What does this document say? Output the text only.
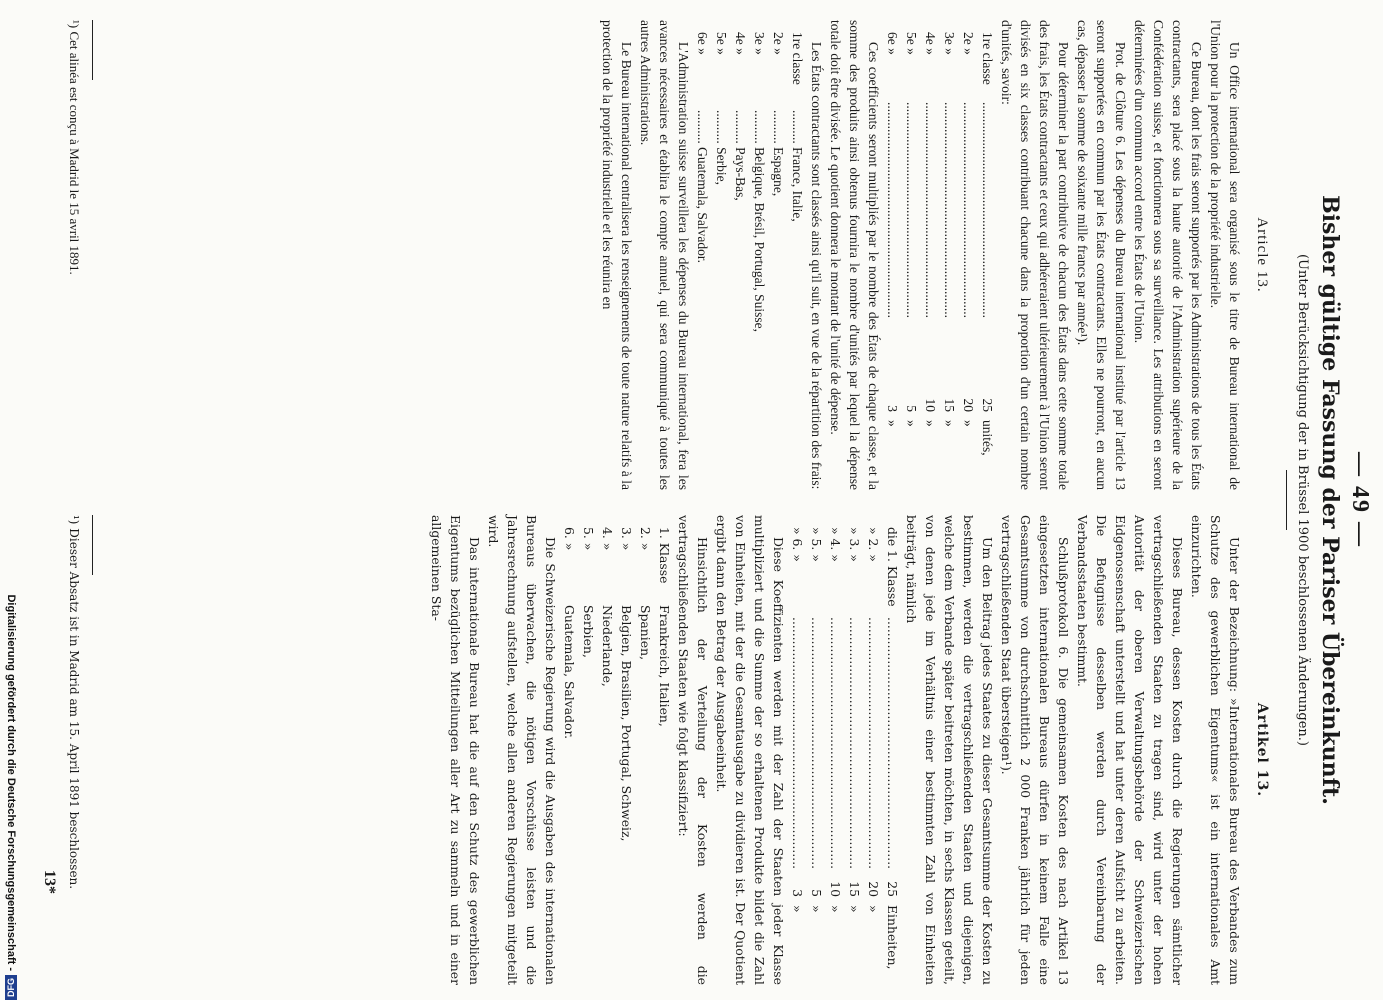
— 49 —
Bisher gültige Fassung der Pariser Übereinkunft.
(Unter Berücksichtigung der in Brüssel 1900 beschlossenen Änderungen.)
Article 13.

Un Office international sera organisé sous le titre de Bureau international de l'Union pour la protection de la propriété industrielle.

Ce Bureau, dont les frais seront supportés par les Administrations de tous les États contractants, sera placé sous la haute autorité de l'Administration supérieure de la Confédération suisse, et fonctionnera sous sa surveillance. Les attributions en seront déterminées d'un commun accord entre les États de l'Union.

Prot. de Clôture 6. Les dépenses du Bureau international institué par l'article 13 seront supportées en commun par les États contractants. Elles ne pourront, en aucun cas, dépasser la somme de soixante mille francs par année¹).

Pour déterminer la part contributive de chacun des États dans cette somme totale des frais, les États contractants et ceux qui adhéreraient ultérieurement à l'Union seront divisés en six classes contribuant chacune dans la proportion d'un certain nombre d'unités, savoir:

1re classe
................................................................
25
unités,
2e »
................................................................
20
»
3e »
................................................................
15
»
4e »
................................................................
10
»
5e »
................................................................
5
»
6e »
................................................................
3
»

Ces coefficients seront multipliés par le nombre des États de chaque classe, et la somme des produits ainsi obtenus fournira le nombre d'unités par lequel la dépense totale doit être divisée. Le quotient donnera le montant de l'unité de dépense.

Les États contractants sont classés ainsi qu'il suit, en vue de la répartition des frais:

1re classe.......... France, Italie,
2e ».......... Espagne,
3e ».......... Belgique, Brésil, Portugal, Suisse,
4e ».......... Pays-Bas,
5e ».......... Serbie,
6e ».......... Guatemala, Salvador.

L'Administration suisse surveillera les dépenses du Bureau international, fera les avances nécessaires et établira le compte annuel, qui sera communiqué à toutes les autres Administrations.

Le Bureau international centralisera les renseignements de toute nature relatifs à la protection de la propriété industrielle et les réunira en

Artikel 13.

Unter der Bezeichnung: »Internationales Bureau des Verbandes zum Schutze des gewerblichen Eigentums« ist ein internationales Amt einzurichten.

Dieses Bureau, dessen Kosten durch die Regierungen sämtlicher vertragschließenden Staaten zu tragen sind, wird unter der hohen Autorität der oberen Verwaltungsbehörde der Schweizerischen Eidgenossenschaft unterstellt und hat unter deren Aufsicht zu arbeiten. Die Befugnisse desselben werden durch Vereinbarung der Verbandsstaaten bestimmt.

Schlußprotokoll 6. Die gemeinsamen Kosten des nach Artikel 13 eingesetzten internationalen Bureaus dürfen in keinem Falle eine Gesamtsumme von durchschnittlich 2 000 Franken jährlich für jeden vertragschließenden Staat übersteigen¹).

Um den Beitrag jedes Staates zu dieser Gesamtsumme der Kosten zu bestimmen, werden die vertragschließenden Staaten und diejenigen, welche dem Verbande später beitreten möchten, in sechs Klassen geteilt, von denen jede im Verhältnis einer bestimmten Zahl von Einheiten beiträgt, nämlich

die 1. Klasse
................................................................
25
Einheiten,
» 2. »
................................................................
20
»
» 3. »
................................................................
15
»
» 4. »
................................................................
10
»
» 5. »
................................................................
5
»
» 6. »
................................................................
3
»

Diese Koeffizienten werden mit der Zahl der Staaten jeder Klasse multipliziert und die Summe der so erhaltenen Produkte bildet die Zahl von Einheiten, mit der die Gesamtausgabe zu dividieren ist. Der Quotient ergibt dann den Betrag der Ausgabeeinheit.

Hinsichtlich der Verteilung der Kosten werden die vertragschließenden Staaten wie folgt klassifiziert:

1. KlasseFrankreich, Italien,
2. »Spanien,
3. »Belgien, Brasilien, Portugal, Schweiz,
4. »Niederlande,
5. »Serbien,
6. »Guatemala, Salvador.

Die Schweizerische Regierung wird die Ausgaben des internationalen Bureaus überwachen, die nötigen Vorschüsse leisten und die Jahresrechnung aufstellen, welche allen anderen Regierungen mitgeteilt wird.

Das internationale Bureau hat die auf den Schutz des gewerblichen Eigentums bezüglichen Mitteilungen aller Art zu sammeln und in einer allgemeinen Sta-

¹) Cet alinéa est conçu à Madrid le 15 avril 1891.
¹) Dieser Absatz ist in Madrid am 15. April 1891 beschlossen.
13*
DFG
Digitalisierung gefördert durch die Deutsche Forschungsgemeinschaft -
